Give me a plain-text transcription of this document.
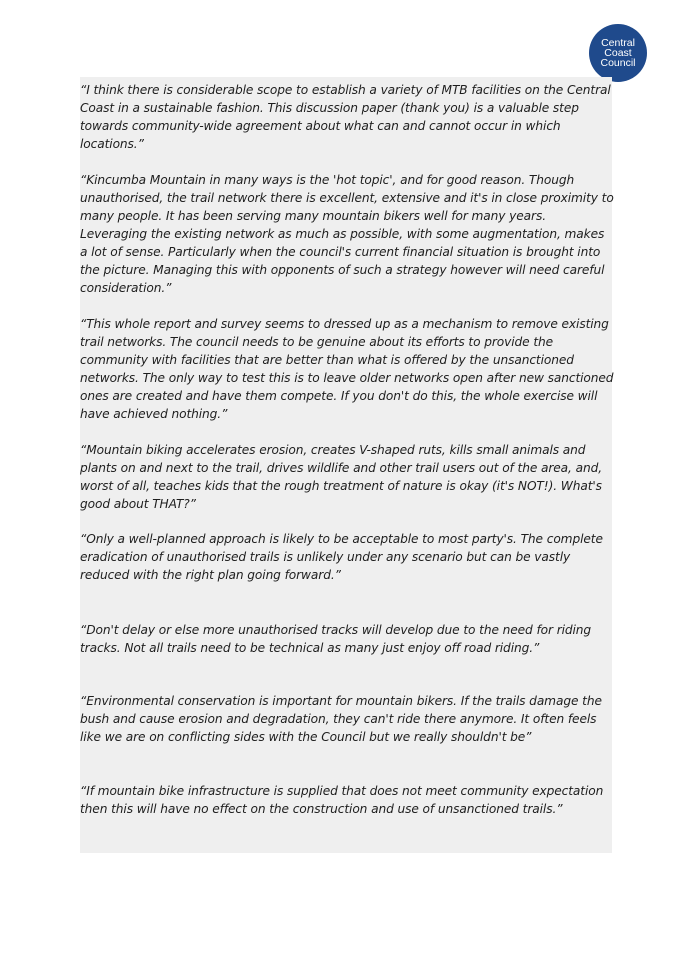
Central
Coast
Council

“I think there is considerable scope to establish a variety of MTB facilities on the Central Coast in a sustainable fashion. This discussion paper (thank you) is a valuable step towards community-wide agreement about what can and cannot occur in which locations.”

“Kincumba Mountain in many ways is the 'hot topic', and for good reason. Though unauthorised, the trail network there is excellent, extensive and it's in close proximity to many people. It has been serving many mountain bikers well for many years. Leveraging the existing network as much as possible, with some augmentation, makes a lot of sense. Particularly when the council's current financial situation is brought into the picture. Managing this with opponents of such a strategy however will need careful consideration.”

“This whole report and survey seems to dressed up as a mechanism to remove existing trail networks. The council needs to be genuine about its efforts to provide the community with facilities that are better than what is offered by the unsanctioned networks. The only way to test this is to leave older networks open after new sanctioned ones are created and have them compete. If you don't do this, the whole exercise will have achieved nothing.”

“Mountain biking accelerates erosion, creates V-shaped ruts, kills small animals and plants on and next to the trail, drives wildlife and other trail users out of the area, and, worst of all, teaches kids that the rough treatment of nature is okay (it's NOT!). What's good about THAT?”

“Only a well-planned approach is likely to be acceptable to most party's. The complete eradication of unauthorised trails is unlikely under any scenario but can be vastly reduced with the right plan going forward.”

“Don't delay or else more unauthorised tracks will develop due to the need for riding tracks. Not all trails need to be technical as many just enjoy off road riding.”

“Environmental conservation is important for mountain bikers. If the trails damage the bush and cause erosion and degradation, they can't ride there anymore. It often feels like we are on conflicting sides with the Council but we really shouldn't be”

“If mountain bike infrastructure is supplied that does not meet community expectation then this will have no effect on the construction and use of unsanctioned trails.”
